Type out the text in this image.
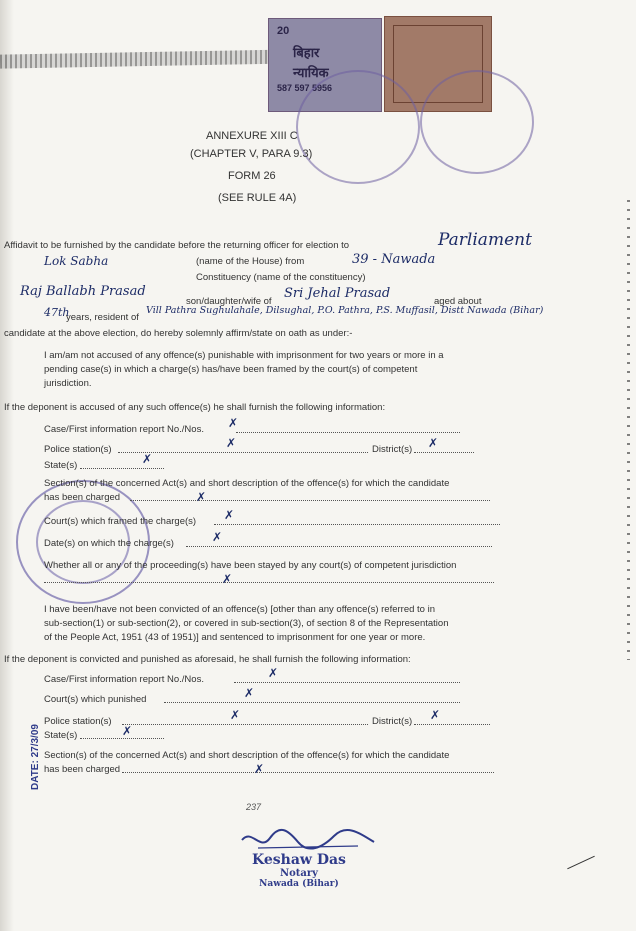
20
बिहार
न्यायिक
587 597 5956
ANNEXURE XIII C
(CHAPTER V, PARA 9.3)
FORM 26
(SEE RULE 4A)
Affidavit to be furnished by the candidate before the returning officer for election to	Parliament
Lok Sabha	(name of the House) from	39 - Nawada
Constituency (name of the constituency)
Raj Ballabh Prasad
son/daughter/wife of
Sri Jehal Prasad
aged about
47th
years, resident of
Vill Pathra Sughulahale, Dilsughal, P.O. Pathra, P.S. Muffasil, Distt Nawada (Bihar)
candidate at the above election, do hereby solemnly affirm/state on oath as under:-
I am/am not accused of any offence(s) punishable with imprisonment for two years or more in a
pending case(s) in which a charge(s) has/have been framed by the court(s) of competent
jurisdiction.
If the deponent is accused of any such offence(s) he shall furnish the following information:
Case/First information report No./Nos. ✗
Police station(s)	District(s)
✗	✗
State(s)	✗
Section(s) of the concerned Act(s) and short description of the offence(s) for which the candidate
has been charged	✗
Court(s) which framed the charge(s) ✗
Date(s) on which the charge(s)	✗
Whether all or any of the proceeding(s) have been stayed by any court(s) of competent jurisdiction
✗
I have been/have not been convicted of an offence(s) [other than any offence(s) referred to in
sub-section(1) or sub-section(2), or covered in sub-section(3), of section 8 of the Representation
of the People Act, 1951 (43 of 1951)] and sentenced to imprisonment for one year or more.
If the deponent is convicted and punished as aforesaid, he shall furnish the following information:
Case/First information report No./Nos.	✗
Court(s) which punished	✗
Police station(s)	District(s)
✗	✗
State(s)	✗
Section(s) of the concerned Act(s) and short description of the offence(s) for which the candidate
has been charged	✗
DATE: 27/3/09
237
Keshaw Das
Notary
Nawada (Bihar)
